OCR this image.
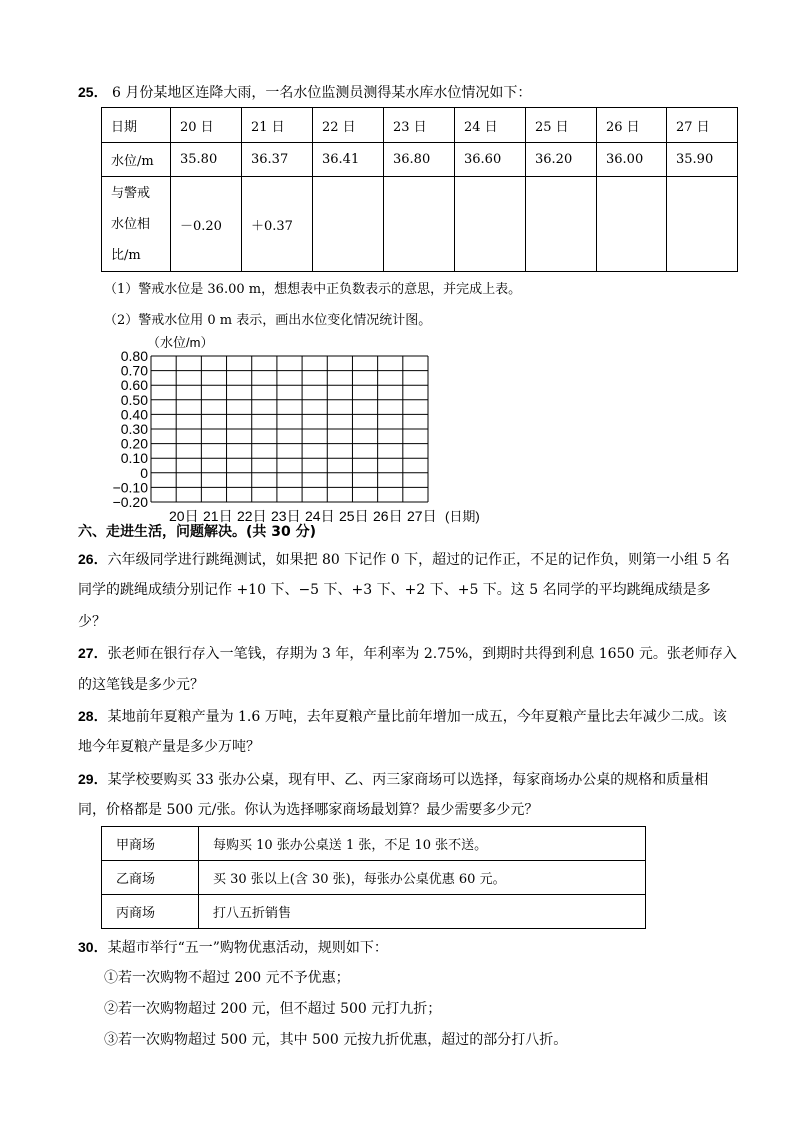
25． 6 月份某地区连降大雨，一名水位监测员测得某水库水位情况如下：
日期	20 日	21 日	22 日	23 日	24 日	25 日	26 日	27 日
水位/m	35.80	36.37	36.41	36.80	36.60	36.20	36.00	35.90

与警戒
水位相
比/m	－0.20	＋0.37						
（1）警戒水位是 36.00 m，想想表中正负数表示的意思，并完成上表。
（2）警戒水位用 0 m 表示，画出水位变化情况统计图。
0.80
0.70
0.60
0.50
0.40
0.30
0.20
0.10
0
−0.10
−0.20
20日 21日 22日 23日 24日 25日 26日 27日
（水位/m）
(日期)
六、走进生活，问题解决。(共 30 分)
26．六年级同学进行跳绳测试，如果把 80 下记作 0 下，超过的记作正，不足的记作负，则第一小组 5 名
同学的跳绳成绩分别记作 +10 下、−5 下、+3 下、+2 下、+5 下。这 5 名同学的平均跳绳成绩是多
少？
27．张老师在银行存入一笔钱，存期为 3 年，年利率为 2.75%，到期时共得到利息 1650 元。张老师存入
的这笔钱是多少元？
28．某地前年夏粮产量为 1.6 万吨，去年夏粮产量比前年增加一成五，今年夏粮产量比去年减少二成。该
地今年夏粮产量是多少万吨？
29．某学校要购买 33 张办公桌，现有甲、乙、丙三家商场可以选择，每家商场办公桌的规格和质量相
同，价格都是 500 元/张。你认为选择哪家商场最划算？最少需要多少元？
甲商场	每购买 10 张办公桌送 1 张，不足 10 张不送。
乙商场	买 30 张以上(含 30 张)，每张办公桌优惠 60 元。
丙商场	打八五折销售
30．某超市举行“五一”购物优惠活动，规则如下：
①若一次购物不超过 200 元不予优惠；
②若一次购物超过 200 元，但不超过 500 元打九折；
③若一次购物超过 500 元，其中 500 元按九折优惠，超过的部分打八折。
